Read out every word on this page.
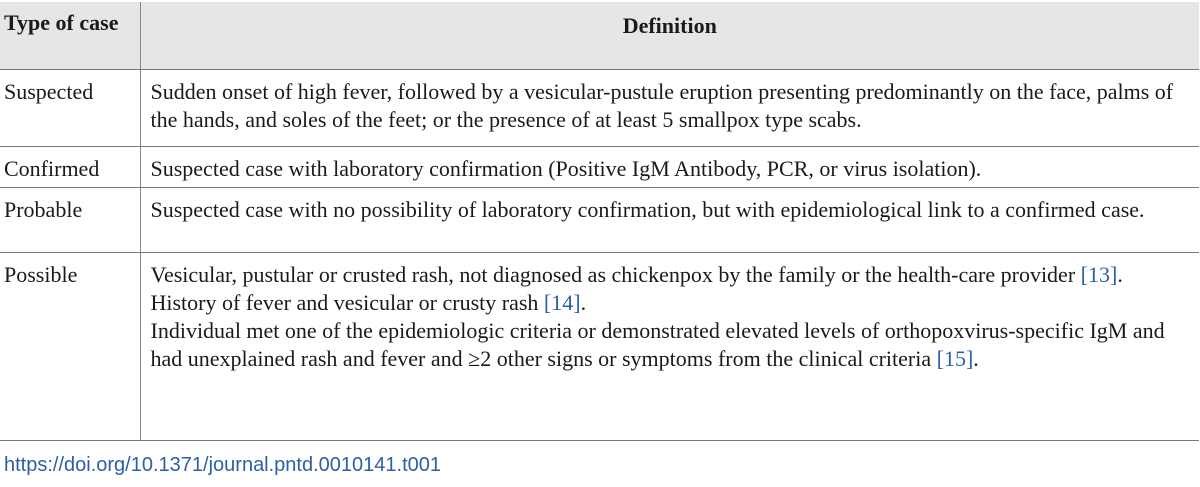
Type of case	Definition
Suspected	Sudden onset of high fever, followed by a vesicular-pustule eruption presenting predominantly on the face, palms of the hands, and soles of the feet; or the presence of at least 5 smallpox type scabs.
Confirmed	Suspected case with laboratory confirmation (Positive IgM Antibody, PCR, or virus isolation).
Probable	Suspected case with no possibility of laboratory confirmation, but with epidemiological link to a confirmed case.
Possible	Vesicular, pustular or crusted rash, not diagnosed as chickenpox by the family or the health-care provider [13].
History of fever and vesicular or crusty rash [14].
Individual met one of the epidemiologic criteria or demonstrated elevated levels of orthopoxvirus-specific IgM and had unexplained rash and fever and ≥2 other signs or symptoms from the clinical criteria [15].
https://doi.org/10.1371/journal.pntd.0010141.t001
